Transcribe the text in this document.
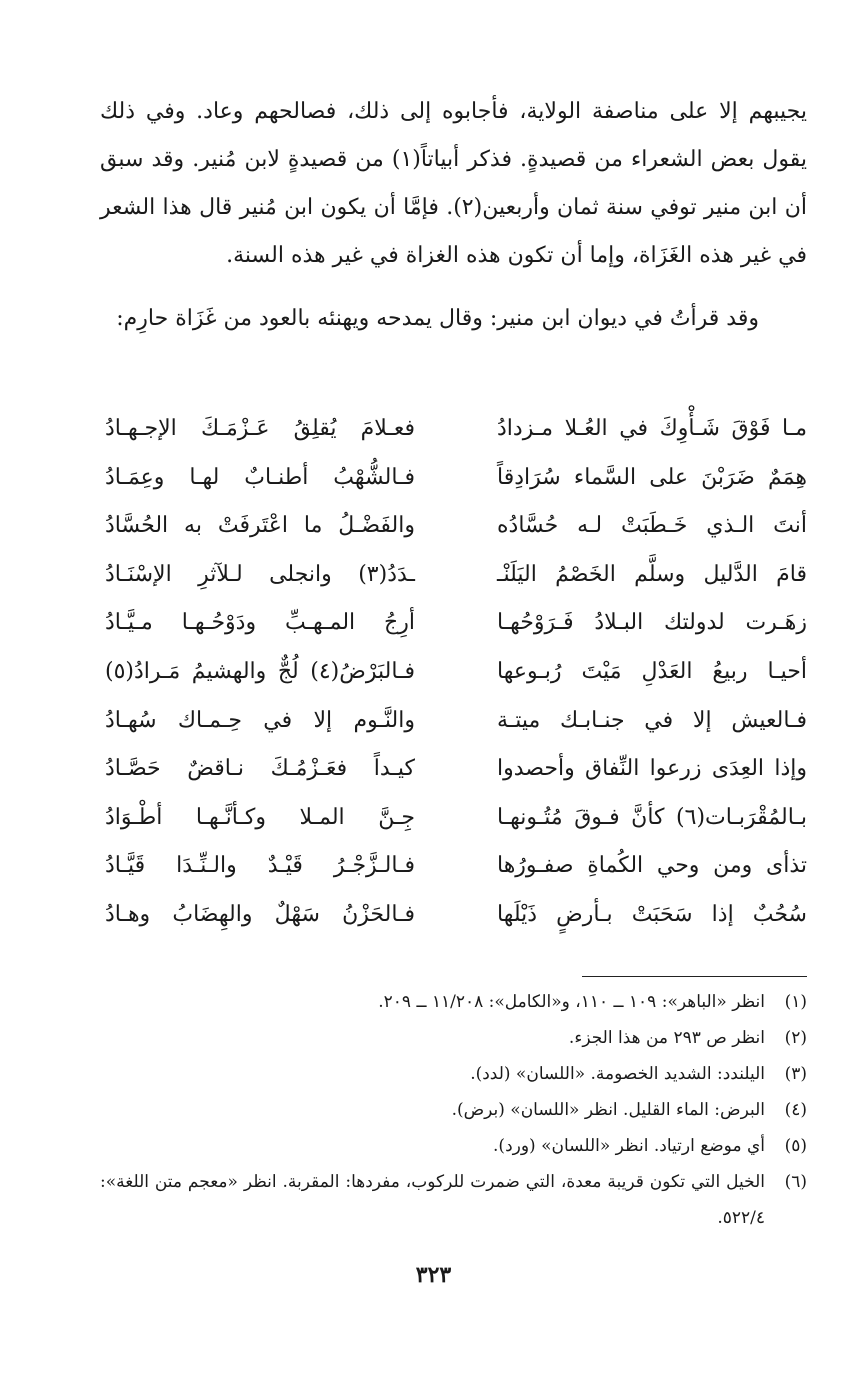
يجيبهم إلا على مناصفة الولاية، فأجابوه إلى ذلك، فصالحهم وعاد. وفي ذلك يقول بعض الشعراء من قصيدةٍ. فذكر أبياتاً(١) من قصيدةٍ لابن مُنير. وقد سبق أن ابن منير توفي سنة ثمان وأربعين(٢). فإمَّا أن يكون ابن مُنير قال هذا الشعر في غير هذه الغَزَاة، وإما أن تكون هذه الغزاة في غير هذه السنة.

وقد قرأتُ في ديوان ابن منير: وقال يمدحه ويهنئه بالعود من غَزَاة حارِم:

مـا فَوْقَ شَـأْوِكَ في العُـلا مـزدادُ
فعـلامَ يُقلِقُ عَـزْمَـكَ الإجـهـادُ
هِمَمٌ ضَرَبْنَ على السَّماء سُرَادِقاً
فـالشُّهْبُ أطنـابٌ لهـا وعِمَـادُ
أنتَ الـذي خَـطَبَتْ لـه حُسَّادُه
والفَضْـلُ ما اعْتَرفَتْ به الحُسَّادُ
قامَ الدَّليل وسلَّم الخَصْمُ اليَلَنْـ
ـدَدُ(٣) وانجلى لـلآثرِ الإسْنَـادُ
زهَـرت لدولتك البـلادُ فَـرَوْحُهـا
أرِجُ المـهـبِّ ودَوْحُـهـا مـيَّـادُ
أحيـا ربيعُ العَدْلِ مَيْتَ رُبـوعها
فـالبَرْضُ(٤) لُجٌّ والهشيمُ مَـرادُ(٥)
فـالعيش إلا في جنـابـك ميتـة
والنَّـوم إلا في حِـمـاك سُهـادُ
وإذا العِدَى زرعوا النِّفاق وأحصدوا
كيـداً فعَـزْمُـكَ نـاقضٌ حَصَّـادُ
بـالمُقْرَبـات(٦) كأنَّ فـوقَ مُتُـونهـا
جِـنَّ المـلا وكـأنَّـهـا أطْـوَادُ
تذأى ومن وحي الكُماةِ صفـورُها
فـالـزَّجْـرُ قَيْـدٌ والـنِّـدَا قَيَّـادُ
سُحُبٌ إذا سَحَبَتْ بـأرضٍ ذَيْلَها
فـالحَزْنُ سَهْلٌ والهِضَابُ وهـادُ
(١)
انظر «الباهر»: ١٠٩ ــ ١١٠، و«الكامل»: ١١/٢٠٨ ــ ٢٠٩.
(٢)
انظر ص ٢٩٣ من هذا الجزء.
(٣)
اليلندد: الشديد الخصومة. «اللسان» (لدد).
(٤)
البرض: الماء القليل. انظر «اللسان» (برض).
(٥)
أي موضع ارتياد. انظر «اللسان» (ورد).
(٦)
الخيل التي تكون قريبة معدة، التي ضمرت للركوب، مفردها: المقربة. انظر «معجم متن اللغة»: ٥٢٢/٤.
٣٢٣
